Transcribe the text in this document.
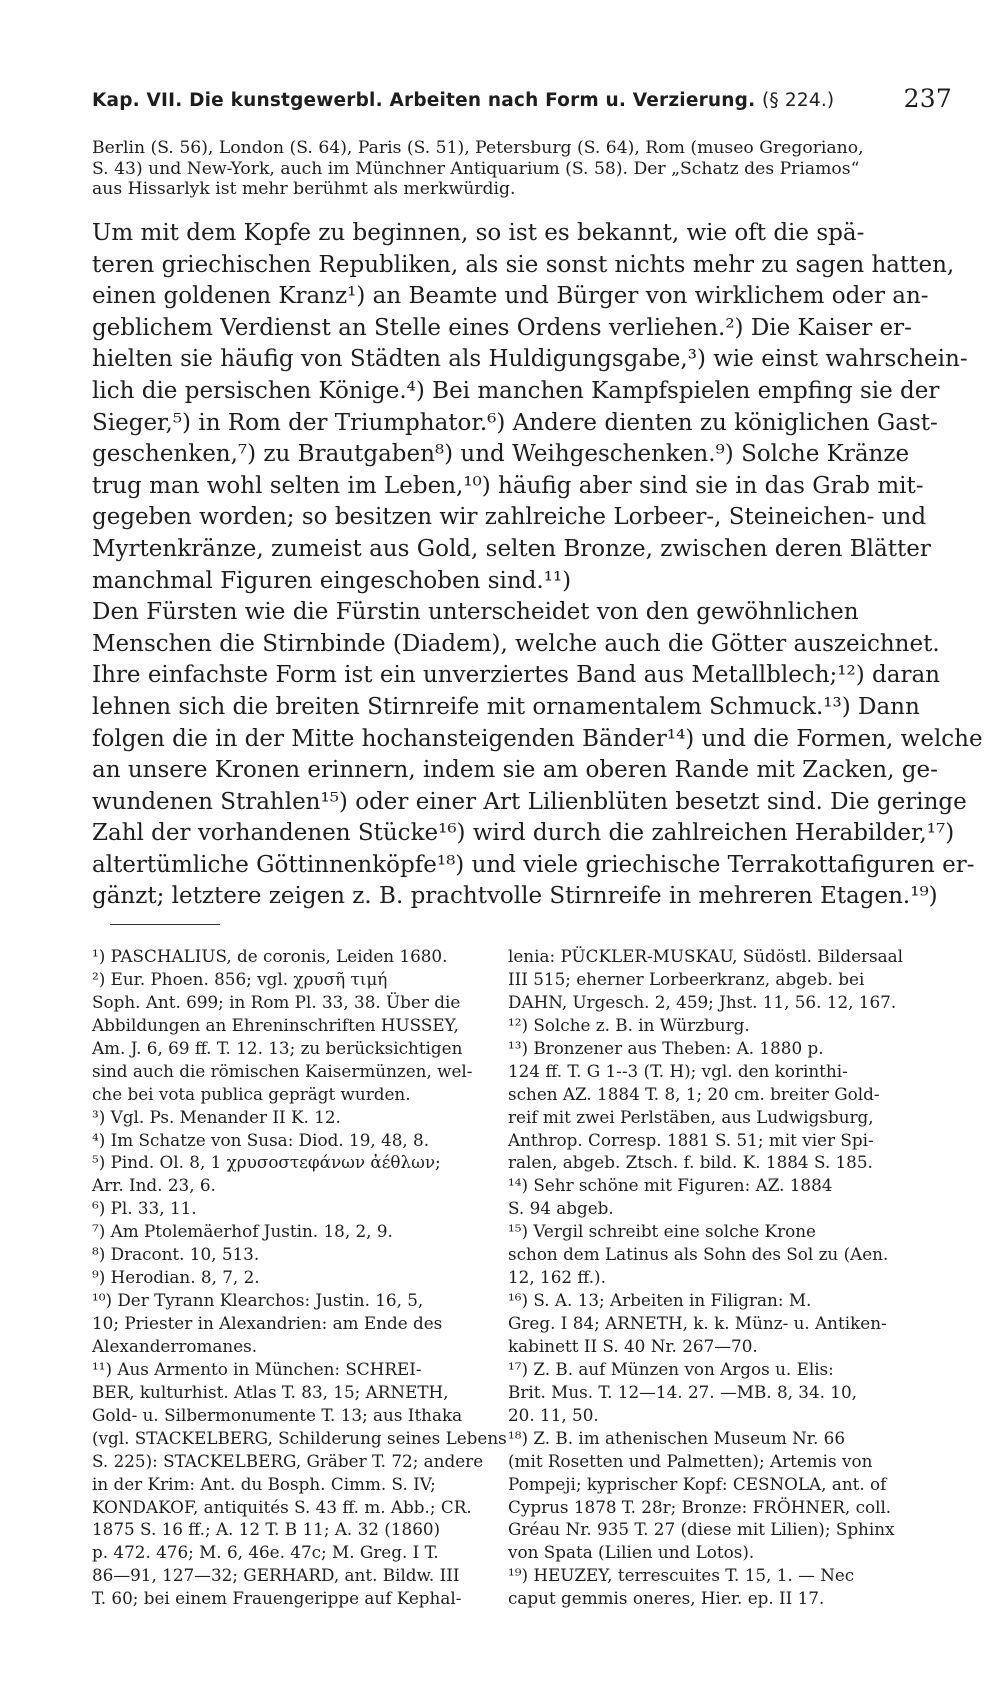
Kap. VII. Die kunstgewerbl. Arbeiten nach Form u. Verzierung. (§ 224.)	237
Berlin (S. 56), London (S. 64), Paris (S. 51), Petersburg (S. 64), Rom (museo Gregoriano,
S. 43) und New-York, auch im Münchner Antiquarium (S. 58). Der „Schatz des Priamos“
aus Hissarlyk ist mehr berühmt als merkwürdig.
Um mit dem Kopfe zu beginnen, so ist es bekannt, wie oft die spä-
teren griechischen Republiken, als sie sonst nichts mehr zu sagen hatten,
einen goldenen Kranz¹) an Beamte und Bürger von wirklichem oder an-
geblichem Verdienst an Stelle eines Ordens verliehen.²) Die Kaiser er-
hielten sie häufig von Städten als Huldigungsgabe,³) wie einst wahrschein-
lich die persischen Könige.⁴) Bei manchen Kampfspielen empfing sie der
Sieger,⁵) in Rom der Triumphator.⁶) Andere dienten zu königlichen Gast-
geschenken,⁷) zu Brautgaben⁸) und Weihgeschenken.⁹) Solche Kränze
trug man wohl selten im Leben,¹⁰) häufig aber sind sie in das Grab mit-
gegeben worden; so besitzen wir zahlreiche Lorbeer-, Steineichen- und
Myrtenkränze, zumeist aus Gold, selten Bronze, zwischen deren Blätter
manchmal Figuren eingeschoben sind.¹¹)
Den Fürsten wie die Fürstin unterscheidet von den gewöhnlichen
Menschen die Stirnbinde (Diadem), welche auch die Götter auszeichnet.
Ihre einfachste Form ist ein unverziertes Band aus Metallblech;¹²) daran
lehnen sich die breiten Stirnreife mit ornamentalem Schmuck.¹³) Dann
folgen die in der Mitte hochansteigenden Bänder¹⁴) und die Formen, welche
an unsere Kronen erinnern, indem sie am oberen Rande mit Zacken, ge-
wundenen Strahlen¹⁵) oder einer Art Lilienblüten besetzt sind. Die geringe
Zahl der vorhandenen Stücke¹⁶) wird durch die zahlreichen Herabilder,¹⁷)
altertümliche Göttinnenköpfe¹⁸) und viele griechische Terrakottafiguren er-
gänzt; letztere zeigen z. B. prachtvolle Stirnreife in mehreren Etagen.¹⁹)
¹) PASCHALIUS, de coronis, Leiden 1680.
²) Eur. Phoen. 856; vgl. χρυσῆ τιμή
Soph. Ant. 699; in Rom Pl. 33, 38. Über die
Abbildungen an Ehreninschriften HUSSEY,
Am. J. 6, 69 ff. T. 12. 13; zu berücksichtigen
sind auch die römischen Kaisermünzen, wel-
che bei vota publica geprägt wurden.
³) Vgl. Ps. Menander II K. 12.
⁴) Im Schatze von Susa: Diod. 19, 48, 8.
⁵) Pind. Ol. 8, 1 χρυσοστεφάνων ἀέθλων;
Arr. Ind. 23, 6.
⁶) Pl. 33, 11.
⁷) Am Ptolemäerhof Justin. 18, 2, 9.
⁸) Dracont. 10, 513.
⁹) Herodian. 8, 7, 2.
¹⁰) Der Tyrann Klearchos: Justin. 16, 5,
10; Priester in Alexandrien: am Ende des
Alexanderromanes.
¹¹) Aus Armento in München: SCHREI-
BER, kulturhist. Atlas T. 83, 15; ARNETH,
Gold- u. Silbermonumente T. 13; aus Ithaka
(vgl. STACKELBERG, Schilderung seines Lebens
S. 225): STACKELBERG, Gräber T. 72; andere
in der Krim: Ant. du Bosph. Cimm. S. IV;
KONDAKOF, antiquités S. 43 ff. m. Abb.; CR.
1875 S. 16 ff.; A. 12 T. B 11; A. 32 (1860)
p. 472. 476; M. 6, 46e. 47c; M. Greg. I T.
86—91, 127—32; GERHARD, ant. Bildw. III
T. 60; bei einem Frauengerippe auf Kephal-
lenia: PÜCKLER-MUSKAU, Südöstl. Bildersaal
III 515; eherner Lorbeerkranz, abgeb. bei
DAHN, Urgesch. 2, 459; Jhst. 11, 56. 12, 167.
¹²) Solche z. B. in Würzburg.
¹³) Bronzener aus Theben: A. 1880 p.
124 ff. T. G 1--3 (T. H); vgl. den korinthi-
schen AZ. 1884 T. 8, 1; 20 cm. breiter Gold-
reif mit zwei Perlstäben, aus Ludwigsburg,
Anthrop. Corresp. 1881 S. 51; mit vier Spi-
ralen, abgeb. Ztsch. f. bild. K. 1884 S. 185.
¹⁴) Sehr schöne mit Figuren: AZ. 1884
S. 94 abgeb.
¹⁵) Vergil schreibt eine solche Krone
schon dem Latinus als Sohn des Sol zu (Aen.
12, 162 ff.).
¹⁶) S. A. 13; Arbeiten in Filigran: M.
Greg. I 84; ARNETH, k. k. Münz- u. Antiken-
kabinett II S. 40 Nr. 267—70.
¹⁷) Z. B. auf Münzen von Argos u. Elis:
Brit. Mus. T. 12—14. 27. —MB. 8, 34. 10,
20. 11, 50.
¹⁸) Z. B. im athenischen Museum Nr. 66
(mit Rosetten und Palmetten); Artemis von
Pompeji; kyprischer Kopf: CESNOLA, ant. of
Cyprus 1878 T. 28r; Bronze: FRÖHNER, coll.
Gréau Nr. 935 T. 27 (diese mit Lilien); Sphinx
von Spata (Lilien und Lotos).
¹⁹) HEUZEY, terrescuites T. 15, 1. — Nec
caput gemmis oneres, Hier. ep. II 17.
